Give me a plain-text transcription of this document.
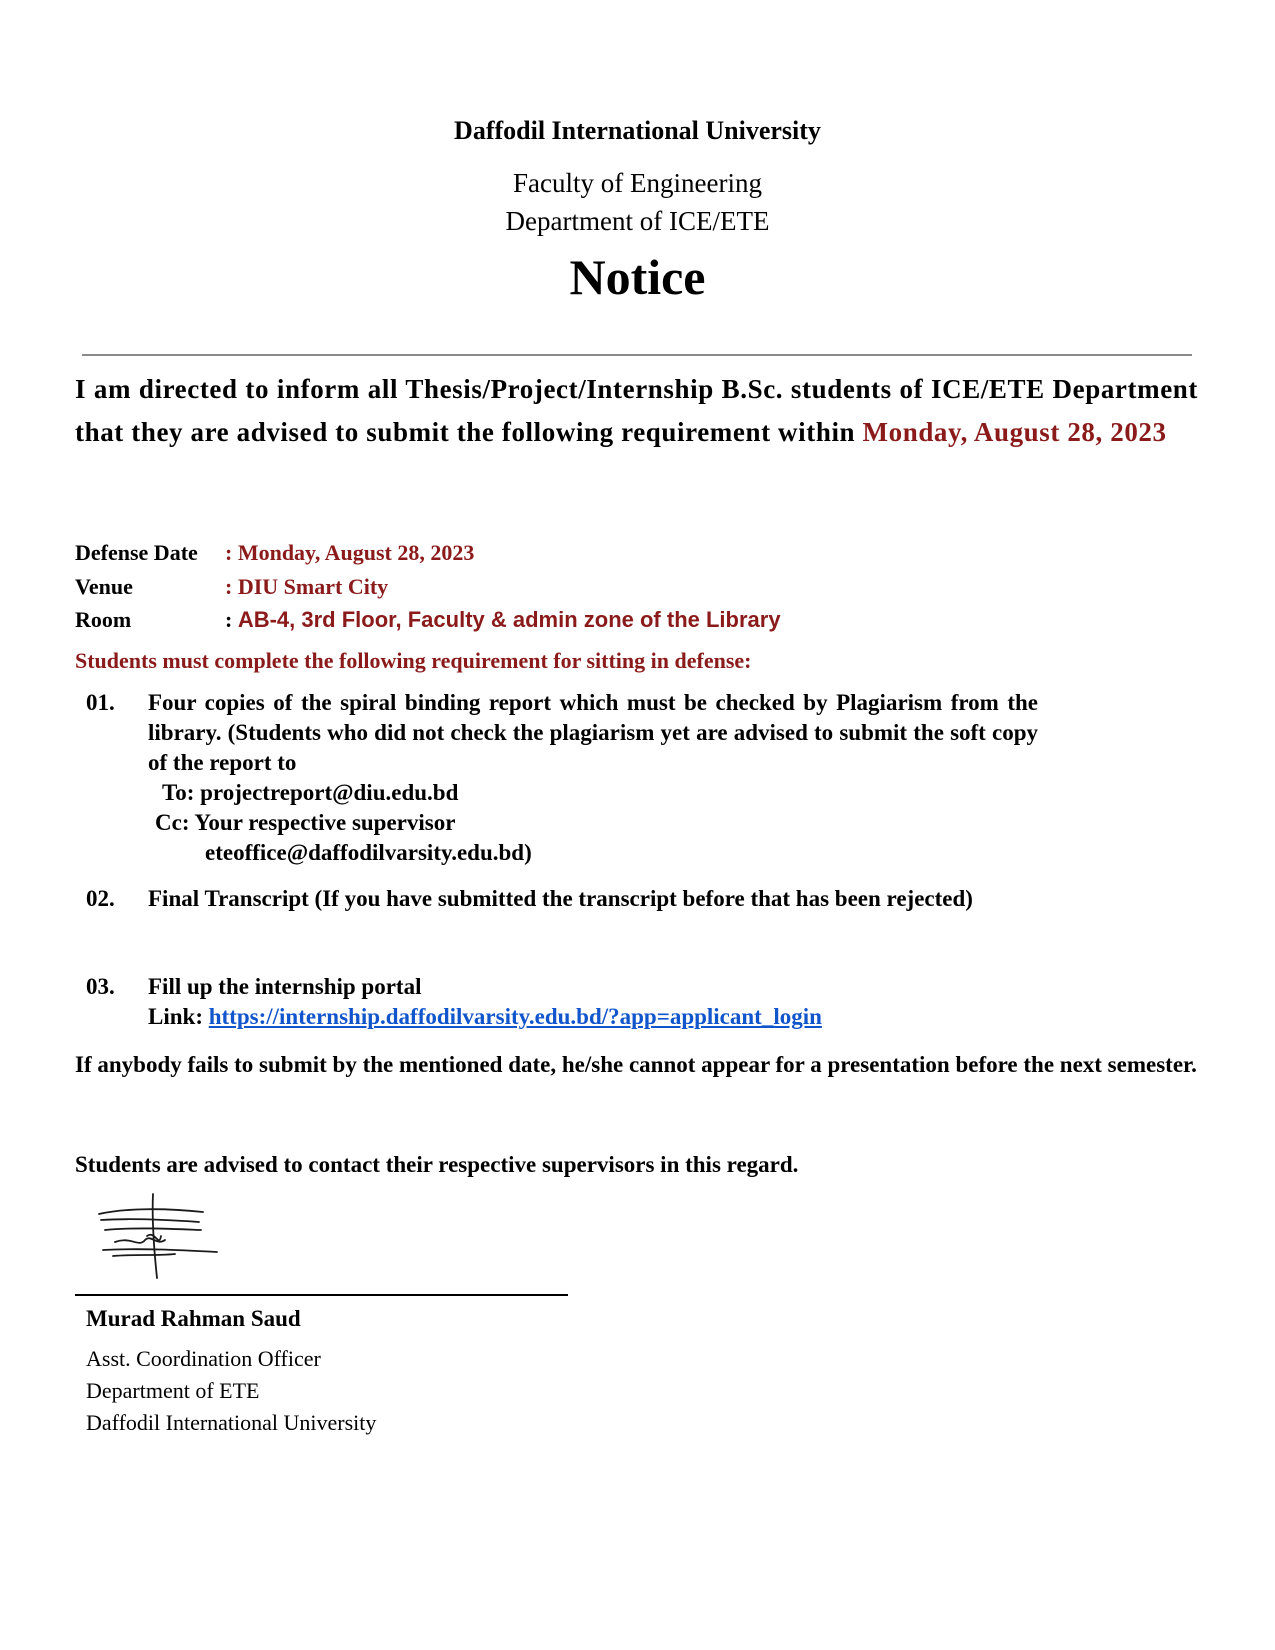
Daffodil International University
Faculty of Engineering
Department of ICE/ETE
Notice
I am directed to inform all Thesis/Project/Internship B.Sc. students of ICE/ETE Department that they are advised to submit the following requirement within Monday, August 28, 2023
Defense Date : Monday, August 28, 2023
Venue	: DIU Smart City
Room	: AB-4, 3rd Floor, Faculty & admin zone of the Library
Students must complete the following requirement for sitting in defense:
01. Four copies of the spiral binding report which must be checked by Plagiarism from the library. (Students who did not check the plagiarism yet are advised to submit the soft copy of the report to
To: projectreport@diu.edu.bd
Cc: Your respective supervisor
eteoffice@daffodilvarsity.edu.bd)
02. Final Transcript (If you have submitted the transcript before that has been rejected)
03. Fill up the internship portal
Link: https://internship.daffodilvarsity.edu.bd/?app=applicant_login
If anybody fails to submit by the mentioned date, he/she cannot appear for a presentation before the next semester.
Students are advised to contact their respective supervisors in this regard.
Murad Rahman Saud
Asst. Coordination Officer
Department of ETE
Daffodil International University
